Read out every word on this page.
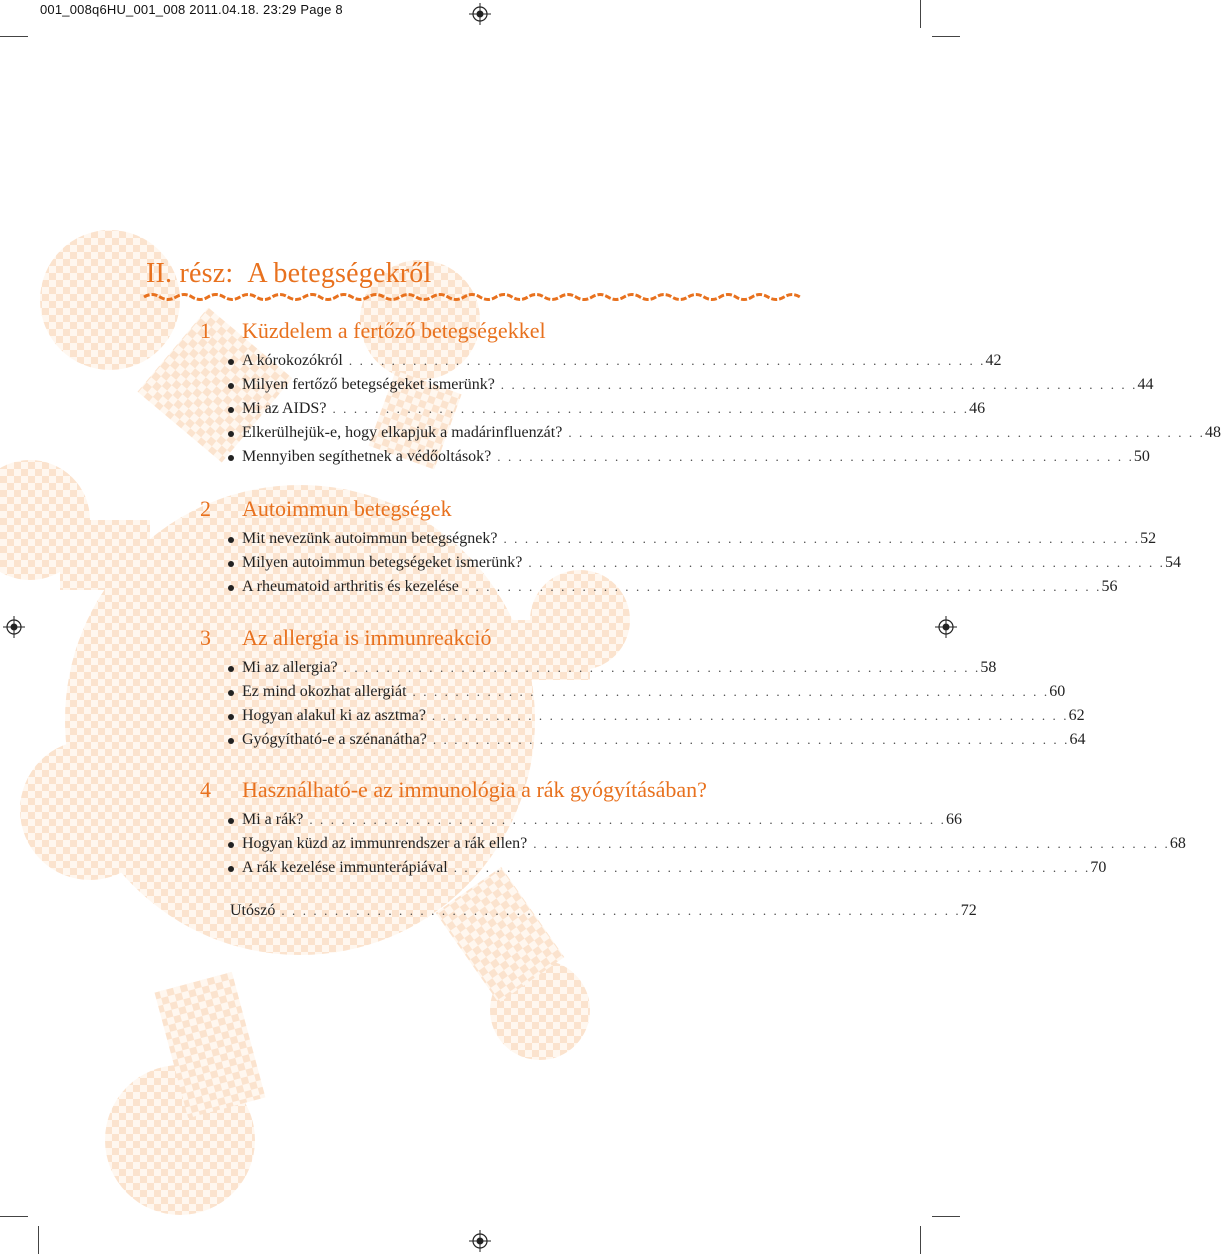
001_008q6HU_001_008 2011.04.18. 23:29 Page 8
II. rész: A betegségekről
1 Küzdelem a fertőző betegségekkel
A kórokozókról . . . . . . . . . . . . . . . . . . . . . . . . . . . . . . . . . . . . . . . . . . . . . . . . . . . . . . . . . . . . 42
Milyen fertőző betegségeket ismerünk? . . . . . . . . . . . . . . . . . . . . . . . . . . . . . . . . . . . . . . . . . . . . . . . . . . . . . . . . . . . . 44
Mi az AIDS? . . . . . . . . . . . . . . . . . . . . . . . . . . . . . . . . . . . . . . . . . . . . . . . . . . . . . . . . . . . . 46
Elkerülhejük-e, hogy elkapjuk a madárinfluenzát? . . . . . . . . . . . . . . . . . . . . . . . . . . . . . . . . . . . . . . . . . . . . . . . . . . . . . . . . . . . . 48
Mennyiben segíthetnek a védőoltások? . . . . . . . . . . . . . . . . . . . . . . . . . . . . . . . . . . . . . . . . . . . . . . . . . . . . . . . . . . . . 50
2 Autoimmun betegségek
Mit nevezünk autoimmun betegségnek? . . . . . . . . . . . . . . . . . . . . . . . . . . . . . . . . . . . . . . . . . . . . . . . . . . . . . . . . . . . . 52
Milyen autoimmun betegségeket ismerünk? . . . . . . . . . . . . . . . . . . . . . . . . . . . . . . . . . . . . . . . . . . . . . . . . . . . . . . . . . . . . 54
A rheumatoid arthritis és kezelése . . . . . . . . . . . . . . . . . . . . . . . . . . . . . . . . . . . . . . . . . . . . . . . . . . . . . . . . . . . . 56
3 Az allergia is immunreakció
Mi az allergia? . . . . . . . . . . . . . . . . . . . . . . . . . . . . . . . . . . . . . . . . . . . . . . . . . . . . . . . . . . . . 58
Ez mind okozhat allergiát . . . . . . . . . . . . . . . . . . . . . . . . . . . . . . . . . . . . . . . . . . . . . . . . . . . . . . . . . . . . 60
Hogyan alakul ki az asztma? . . . . . . . . . . . . . . . . . . . . . . . . . . . . . . . . . . . . . . . . . . . . . . . . . . . . . . . . . . . . 62
Gyógyítható-e a szénanátha? . . . . . . . . . . . . . . . . . . . . . . . . . . . . . . . . . . . . . . . . . . . . . . . . . . . . . . . . . . . . 64
4 Használható-e az immunológia a rák gyógyításában?
Mi a rák? . . . . . . . . . . . . . . . . . . . . . . . . . . . . . . . . . . . . . . . . . . . . . . . . . . . . . . . . . . . . 66
Hogyan küzd az immunrendszer a rák ellen? . . . . . . . . . . . . . . . . . . . . . . . . . . . . . . . . . . . . . . . . . . . . . . . . . . . . . . . . . . . . 68
A rák kezelése immunterápiával . . . . . . . . . . . . . . . . . . . . . . . . . . . . . . . . . . . . . . . . . . . . . . . . . . . . . . . . . . . . 70
Utószó . . . . . . . . . . . . . . . . . . . . . . . . . . . . . . . . . . . . . . . . . . . . . . . . . . . . . . . . . . . . . . . . 72
